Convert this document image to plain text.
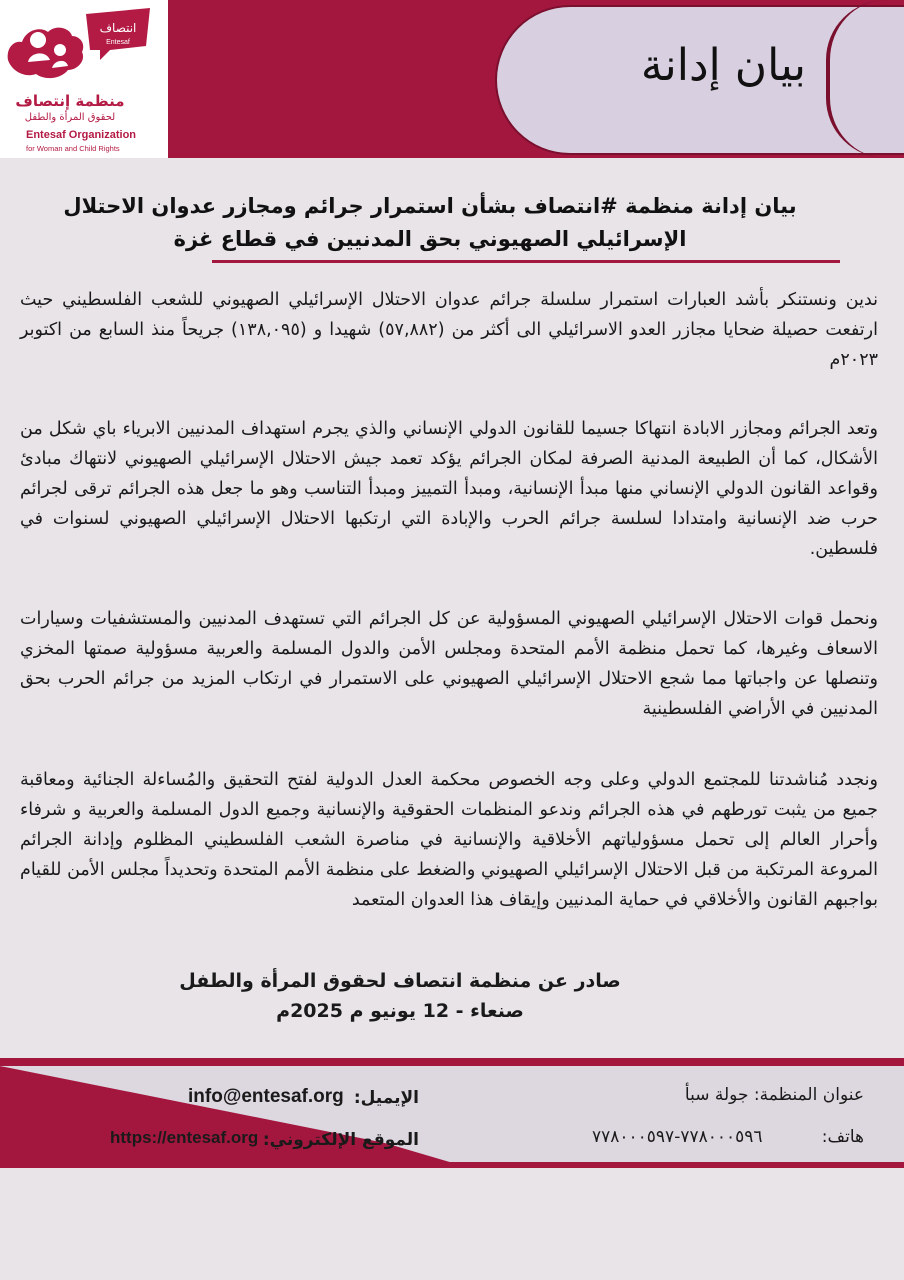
انتصاف
Entesaf
منظمة إنتصاف
لحقوق المرأة والطفل
Entesaf Organization
for Woman and Child Rights
بيان إدانة
بيان إدانة منظمة #انتصاف بشأن استمرار جرائم ومجازر عدوان الاحتلال
الإسرائيلي الصهيوني بحق المدنيين في قطاع غزة
ندين ونستنكر بأشد العبارات استمرار سلسلة جرائم عدوان الاحتلال الإسرائيلي الصهيوني للشعب الفلسطيني حيث ارتفعت حصيلة ضحايا مجازر العدو الاسرائيلي الى أكثر من (٥٧,٨٨٢) شهيدا و (١٣٨,٠٩٥) جريحاً منذ السابع من اكتوبر ٢٠٢٣م
وتعد الجرائم ومجازر الابادة انتهاكا جسيما للقانون الدولي الإنساني والذي يجرم استهداف المدنيين الابرياء باي شكل من الأشكال، كما أن الطبيعة المدنية الصرفة لمكان الجرائم يؤكد تعمد جيش الاحتلال الإسرائيلي الصهيوني لانتهاك مبادئ وقواعد القانون الدولي الإنساني منها مبدأ الإنسانية، ومبدأ التمييز ومبدأ التناسب وهو ما جعل هذه الجرائم ترقى لجرائم حرب ضد الإنسانية وامتدادا لسلسة جرائم الحرب والإبادة التي ارتكبها الاحتلال الإسرائيلي الصهيوني لسنوات في فلسطين.
ونحمل قوات الاحتلال الإسرائيلي الصهيوني المسؤولية عن كل الجرائم التي تستهدف المدنيين والمستشفيات وسيارات الاسعاف وغيرها، كما تحمل منظمة الأمم المتحدة ومجلس الأمن والدول المسلمة والعربية مسؤولية صمتها المخزي وتنصلها عن واجباتها مما شجع الاحتلال الإسرائيلي الصهيوني على الاستمرار في ارتكاب المزيد من جرائم الحرب بحق المدنيين في الأراضي الفلسطينية
ونجدد مُناشدتنا للمجتمع الدولي وعلى وجه الخصوص محكمة العدل الدولية لفتح التحقيق والمُساءلة الجنائية ومعاقبة جميع من يثبت تورطهم في هذه الجرائم وندعو المنظمات الحقوقية والإنسانية وجميع الدول المسلمة والعربية و شرفاء وأحرار العالم إلى تحمل مسؤولياتهم الأخلاقية والإنسانية في مناصرة الشعب الفلسطيني المظلوم وإدانة الجرائم المروعة المرتكبة من قبل الاحتلال الإسرائيلي الصهيوني والضغط على منظمة الأمم المتحدة وتحديداً مجلس الأمن للقيام بواجبهم القانون والأخلاقي في حماية المدنيين وإيقاف هذا العدوان المتعمد
صادر عن منظمة انتصاف لحقوق المرأة والطفل
صنعاء - 12 يونيو م 2025م
عنوان المنظمة: جولة سبأ
هاتف:
٧٧٨٠٠٠٥٩٦-٧٧٨٠٠٠٥٩٧
الإيميل:
info@entesaf.org
الموقع الإلكتروني:
https://entesaf.org
